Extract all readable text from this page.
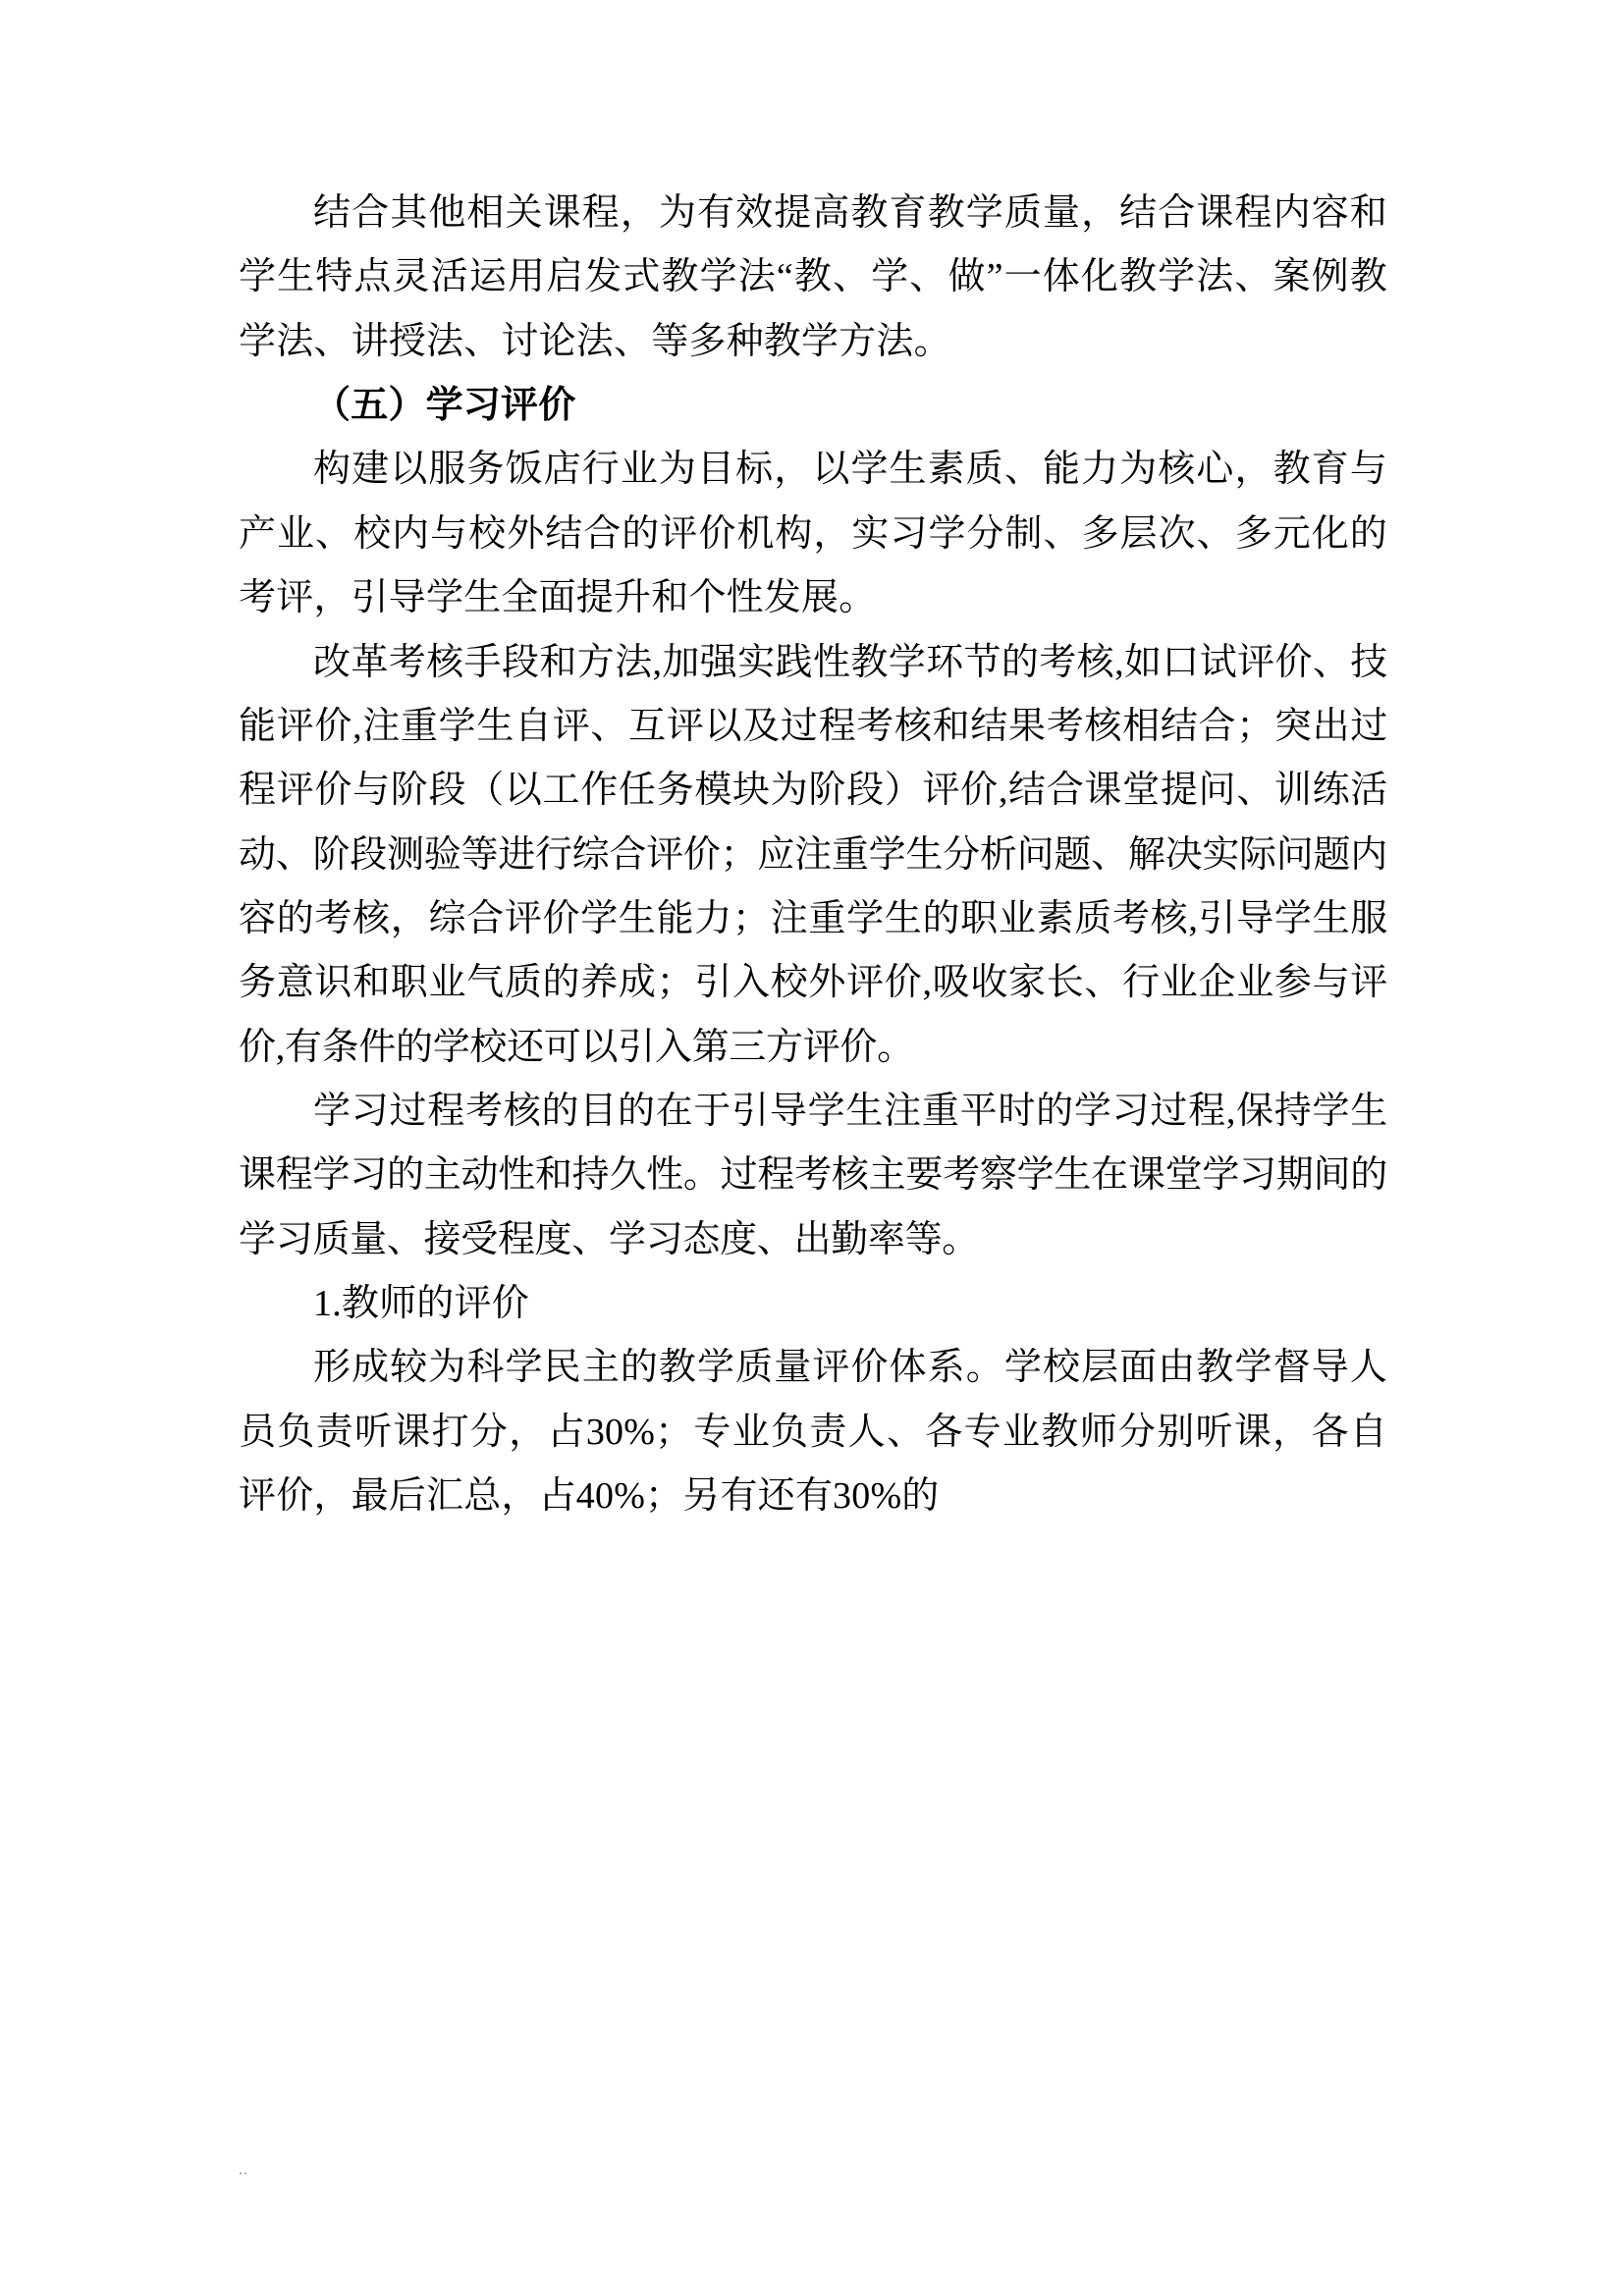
结合其他相关课程，为有效提高教育教学质量，结合课程内容和学生特点灵活运用启发式教学法“教、学、做”一体化教学法、案例教学法、讲授法、讨论法、等多种教学方法。

（五）学习评价

构建以服务饭店行业为目标，以学生素质、能力为核心，教育与产业、校内与校外结合的评价机构，实习学分制、多层次、多元化的考评，引导学生全面提升和个性发展。

改革考核手段和方法,加强实践性教学环节的考核,如口试评价、技能评价,注重学生自评、互评以及过程考核和结果考核相结合；突出过程评价与阶段（以工作任务模块为阶段）评价,结合课堂提问、训练活动、阶段测验等进行综合评价；应注重学生分析问题、解决实际问题内容的考核，综合评价学生能力；注重学生的职业素质考核,引导学生服务意识和职业气质的养成；引入校外评价,吸收家长、行业企业参与评价,有条件的学校还可以引入第三方评价。

学习过程考核的目的在于引导学生注重平时的学习过程,保持学生课程学习的主动性和持久性。过程考核主要考察学生在课堂学习期间的学习质量、接受程度、学习态度、出勤率等。

1.教师的评价

形成较为科学民主的教学质量评价体系。学校层面由教学督导人员负责听课打分，占30%；专业负责人、各专业教师分别听课，各自评价，最后汇总，占40%；另有还有30%的

..
